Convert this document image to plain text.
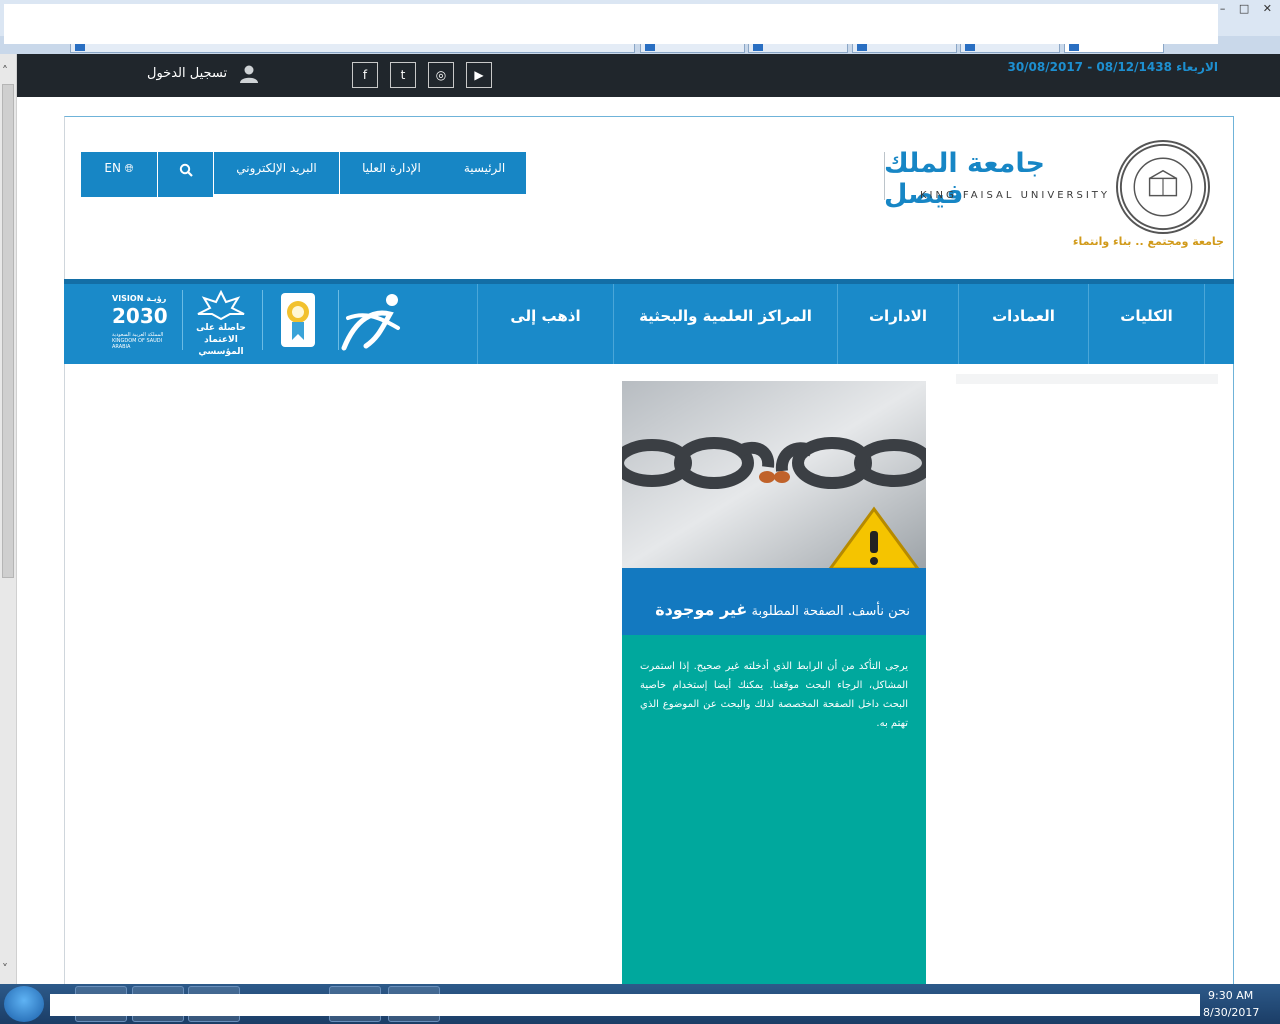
– □ ✕
˄
˅
الاربعاء 08/12/1438 - 30/08/2017
▶
◎
t
f
تسجيل الدخول
الرئيسية
الإدارة العليا
البريد الإلكتروني
EN 🌐︎	جامعة الملك فيصل
KING FAISAL UNIVERSITY
جامعة ومجتمع .. بناء وانتماء
الكليات
العمادات
الادارات
المراكز العلمية والبحثية
اذهب إلى
حاصلة على الاعتماد المؤسسي
VISION رؤيـة
2030
المملكة العربية السعودية KINGDOM OF SAUDI ARABIA
نحن نأسف. الصفحة المطلوبة غير موجودة
يرجى التأكد من أن الرابط الذي أدخلته غير صحيح. إذا استمرت المشاكل، الرجاء البحث موقعنا. يمكنك أيضا إستخدام خاصية البحث داخل الصفحة المخصصة لذلك والبحث عن الموضوع الذي تهتم به.
9:30 AM
8/30/2017
